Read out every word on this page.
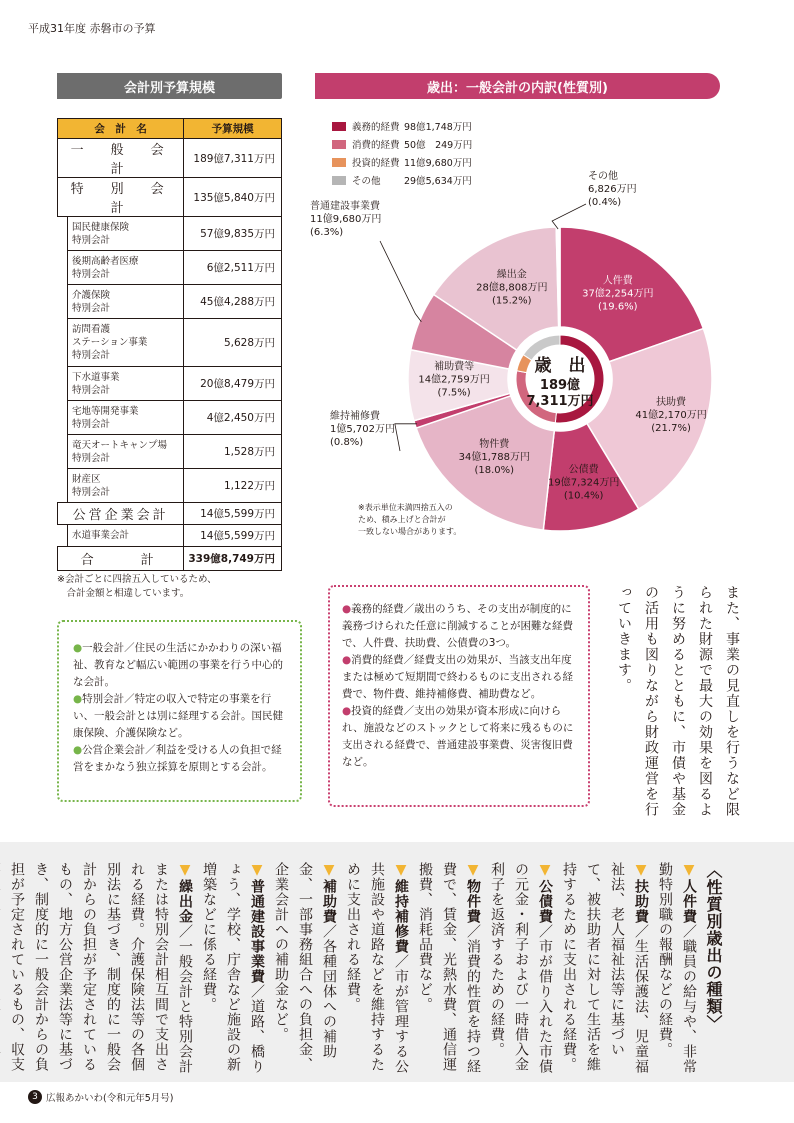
平成31年度 赤磐市の予算
会計別予算規模	歳出：一般会計の内訳(性質別)
会　計　名		予算規模
一　般　会　計		189億7,311万円
特　別　会　計		135億5,840万円
	国民健康保険
特別会計	57億9,835万円
	後期高齢者医療
特別会計	6億2,511万円
	介護保険
特別会計	45億4,288万円
	訪問看護
ステーション事業
特別会計	5,628万円
	下水道事業
特別会計	20億8,479万円
	宅地等開発事業
特別会計	4億2,450万円
	竜天オートキャンプ場
特別会計	1,528万円
	財産区
特別会計	1,122万円
公営企業会計		14億5,599万円
	水道事業会計	14億5,599万円
合　　計		339億8,749万円
※会計ごとに四捨五入しているため、
　合計金額と相違しています。

●一般会計／住民の生活にかかわりの深い福祉、教育など幅広い範囲の事業を行う中心的な会計。

●特別会計／特定の収入で特定の事業を行い、一般会計とは別に経理する会計。国民健康保険、介護保険など。

●公営企業会計／利益を受ける人の負担で経営をまかなう独立採算を原則とする会計。

義務的経費 98億1,748万円
消費的経費 50億　249万円
投資的経費 11億9,680万円
その他	29億5,634万円
歳　出
189億
7,311万円
人件費
37億2,254万円
(19.6%)
扶助費
41億2,170万円
(21.7%)
公債費
19億7,324万円
(10.4%)
物件費
34億1,788万円
(18.0%)
維持補修費
1億5,702万円
(0.8%)
補助費等
14億2,759万円
(7.5%)
普通建設事業費
11億9,680万円
(6.3%)
繰出金
28億8,808万円
(15.2%)
その他
6,826万円
(0.4%)
※表示単位未満四捨五入の
ため、積み上げと合計が
一致しない場合があります。

●義務的経費／歳出のうち、その支出が制度的に義務づけられた任意に削減することが困難な経費で、人件費、扶助費、公債費の3つ。

●消費的経費／経費支出の効果が、当該支出年度または極めて短期間で終わるものに支出される経費で、物件費、維持補修費、補助費など。

●投資的経費／支出の効果が資本形成に向けられ、施設などのストックとして将来に残るものに支出される経費で、普通建設事業費、災害復旧費など。	また、事業の見直しを行うなど限られた財源で最大の効果を図るように努めるとともに、市債や基金の活用も図りながら財政運営を行っていきます。
〈性質別歳出の種類〉
▼人件費／職員の給与や、非常勤特別職の報酬などの経費。
▼扶助費／生活保護法、児童福祉法、老人福祉法等に基づいて、被扶助者に対して生活を維持するために支出される経費。
▼公債費／市が借り入れた市債の元金・利子および一時借入金利子を返済するための経費。
▼物件費／消費的性質を持つ経費で、賃金、光熱水費、通信運搬費、消耗品費など。
▼維持補修費／市が管理する公共施設や道路などを維持するために支出される経費。
▼補助費／各種団体への補助金、一部事務組合への負担金、企業会計への補助金など。
▼普通建設事業費／道路、橋りょう、学校、庁舎など施設の新増築などに係る経費。
▼繰出金／一般会計と特別会計または特別会計相互間で支出される経費。介護保険法等の各個別法に基づき、制度的に一般会計からの負担が予定されているもの、地方公営企業法等に基づき、制度的に一般会計からの負担が予定されているもの、収支
3 広報あかいわ(令和元年5月号)
